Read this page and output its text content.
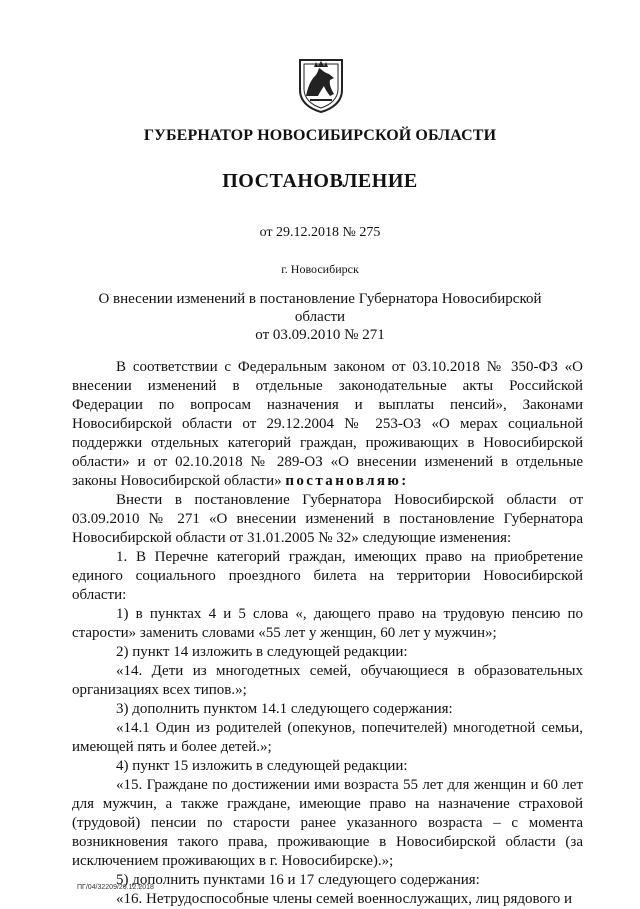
ГУБЕРНАТОР НОВОСИБИРСКОЙ ОБЛАСТИ
ПОСТАНОВЛЕНИЕ
от 29.12.2018 № 275
г. Новосибирск
О внесении изменений в постановление Губернатора Новосибирской области
от 03.09.2010 № 271

В соответствии с Федеральным законом от 03.10.2018 № 350-ФЗ «О внесении изменений в отдельные законодательные акты Российской Федерации по вопросам назначения и выплаты пенсий», Законами Новосибирской области от 29.12.2004 № 253-ОЗ «О мерах социальной поддержки отдельных категорий граждан, проживающих в Новосибирской области» и от 02.10.2018 № 289-ОЗ «О внесении изменений в отдельные законы Новосибирской области» постановляю:

Внести в постановление Губернатора Новосибирской области от 03.09.2010 № 271 «О внесении изменений в постановление Губернатора Новосибирской области от 31.01.2005 № 32» следующие изменения:

1. В Перечне категорий граждан, имеющих право на приобретение единого социального проездного билета на территории Новосибирской области:

1) в пунктах 4 и 5 слова «, дающего право на трудовую пенсию по старости» заменить словами «55 лет у женщин, 60 лет у мужчин»;

2) пункт 14 изложить в следующей редакции:

«14. Дети из многодетных семей, обучающиеся в образовательных организациях всех типов.»;

3) дополнить пунктом 14.1 следующего содержания:

«14.1 Один из родителей (опекунов, попечителей) многодетной семьи, имеющей пять и более детей.»;

4) пункт 15 изложить в следующей редакции:

«15. Граждане по достижении ими возраста 55 лет для женщин и 60 лет для мужчин, а также граждане, имеющие право на назначение страховой (трудовой) пенсии по старости ранее указанного возраста – с момента возникновения такого права, проживающие в Новосибирской области (за исключением проживающих в г. Новосибирске).»;

5) дополнить пунктами 16 и 17 следующего содержания:

«16. Нетрудоспособные члены семей военнослужащих, лиц рядового и

ПГ/04/32209/26.12.2018
